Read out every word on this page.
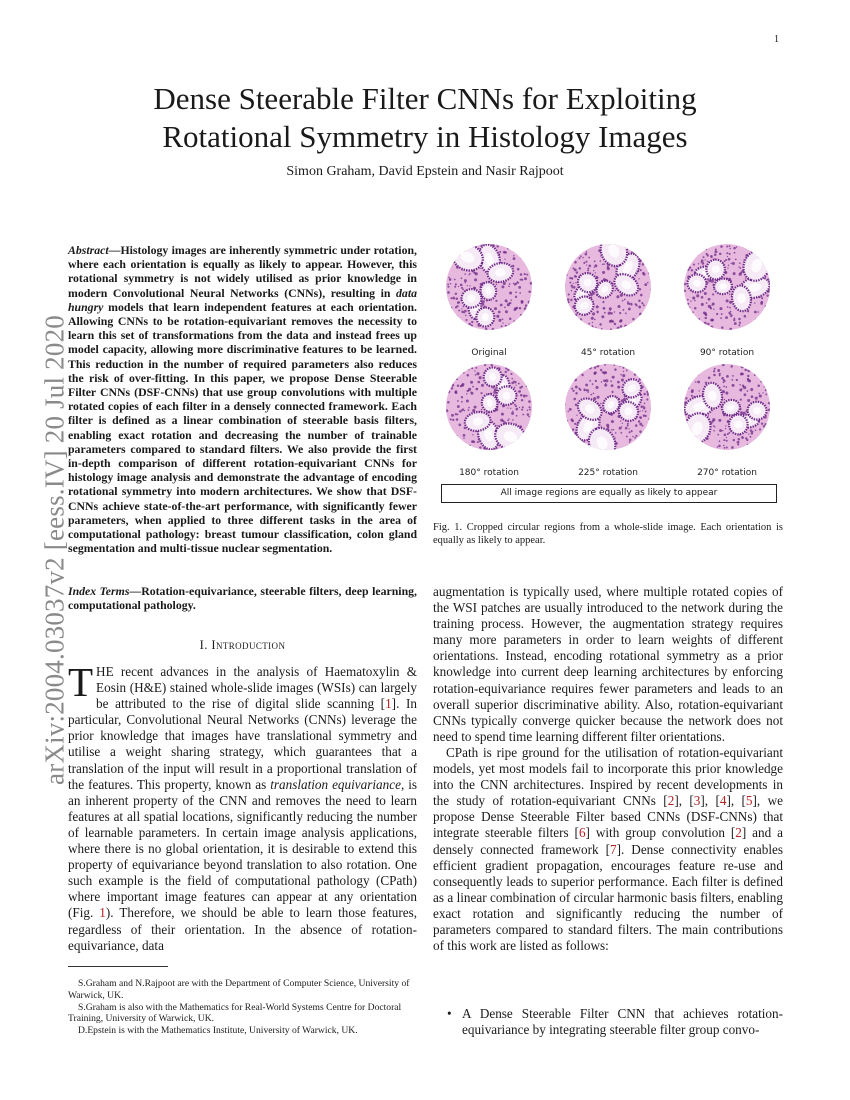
1
arXiv:2004.03037v2 [eess.IV] 20 Jul 2020
Dense Steerable Filter CNNs for Exploiting
Rotational Symmetry in Histology Images
Simon Graham, David Epstein and Nasir Rajpoot
Abstract—Histology images are inherently symmetric under rotation, where each orientation is equally as likely to appear. However, this rotational symmetry is not widely utilised as prior knowledge in modern Convolutional Neural Networks (CNNs), resulting in data hungry models that learn independent features at each orientation. Allowing CNNs to be rotation-equivariant removes the necessity to learn this set of transformations from the data and instead frees up model capacity, allowing more discriminative features to be learned. This reduction in the number of required parameters also reduces the risk of over-fitting. In this paper, we propose Dense Steerable Filter CNNs (DSF-CNNs) that use group convolutions with multiple rotated copies of each filter in a densely connected framework. Each filter is defined as a linear combination of steerable basis filters, enabling exact rotation and decreasing the number of trainable parameters compared to standard filters. We also provide the first in-depth comparison of different rotation-equivariant CNNs for histology image analysis and demonstrate the advantage of encoding rotational symmetry into modern architectures. We show that DSF-CNNs achieve state-of-the-art performance, with significantly fewer parameters, when applied to three different tasks in the area of computational pathology: breast tumour classification, colon gland segmentation and multi-tissue nuclear segmentation.
Index Terms—Rotation-equivariance, steerable filters, deep learning, computational pathology.
I. Introduction
THE recent advances in the analysis of Haematoxylin & Eosin (H&E) stained whole-slide images (WSIs) can largely be attributed to the rise of digital slide scanning [1]. In particular, Convolutional Neural Networks (CNNs) leverage the prior knowledge that images have translational symmetry and utilise a weight sharing strategy, which guarantees that a translation of the input will result in a proportional translation of the features. This property, known as translation equivariance, is an inherent property of the CNN and removes the need to learn features at all spatial locations, significantly reducing the number of learnable parameters. In certain image analysis applications, where there is no global orientation, it is desirable to extend this property of equivariance beyond translation to also rotation. One such example is the field of computational pathology (CPath) where important image features can appear at any orientation (Fig. 1). Therefore, we should be able to learn those features, regardless of their orientation. In the absence of rotation-equivariance, data

S.Graham and N.Rajpoot are with the Department of Computer Science, University of Warwick, UK.

S.Graham is also with the Mathematics for Real-World Systems Centre for Doctoral Training, University of Warwick, UK.

D.Epstein is with the Mathematics Institute, University of Warwick, UK.

Original	45° rotation	90° rotation
180° rotation	225° rotation	270° rotation
All image regions are equally as likely to appear
Fig. 1. Cropped circular regions from a whole-slide image. Each orientation is equally as likely to appear.

augmentation is typically used, where multiple rotated copies of the WSI patches are usually introduced to the network during the training process. However, the augmentation strategy requires many more parameters in order to learn weights of different orientations. Instead, encoding rotational symmetry as a prior knowledge into current deep learning architectures by enforcing rotation-equivariance requires fewer parameters and leads to an overall superior discriminative ability. Also, rotation-equivariant CNNs typically converge quicker because the network does not need to spend time learning different filter orientations.

CPath is ripe ground for the utilisation of rotation-equivariant models, yet most models fail to incorporate this prior knowledge into the CNN architectures. Inspired by recent developments in the study of rotation-equivariant CNNs [2], [3], [4], [5], we propose Dense Steerable Filter based CNNs (DSF-CNNs) that integrate steerable filters [6] with group convolution [2] and a densely connected framework [7]. Dense connectivity enables efficient gradient propagation, encourages feature re-use and consequently leads to superior performance. Each filter is defined as a linear combination of circular harmonic basis filters, enabling exact rotation and significantly reducing the number of parameters compared to standard filters. The main contributions of this work are listed as follows:

• A Dense Steerable Filter CNN that achieves rotation-equivariance by integrating steerable filter group convo-
